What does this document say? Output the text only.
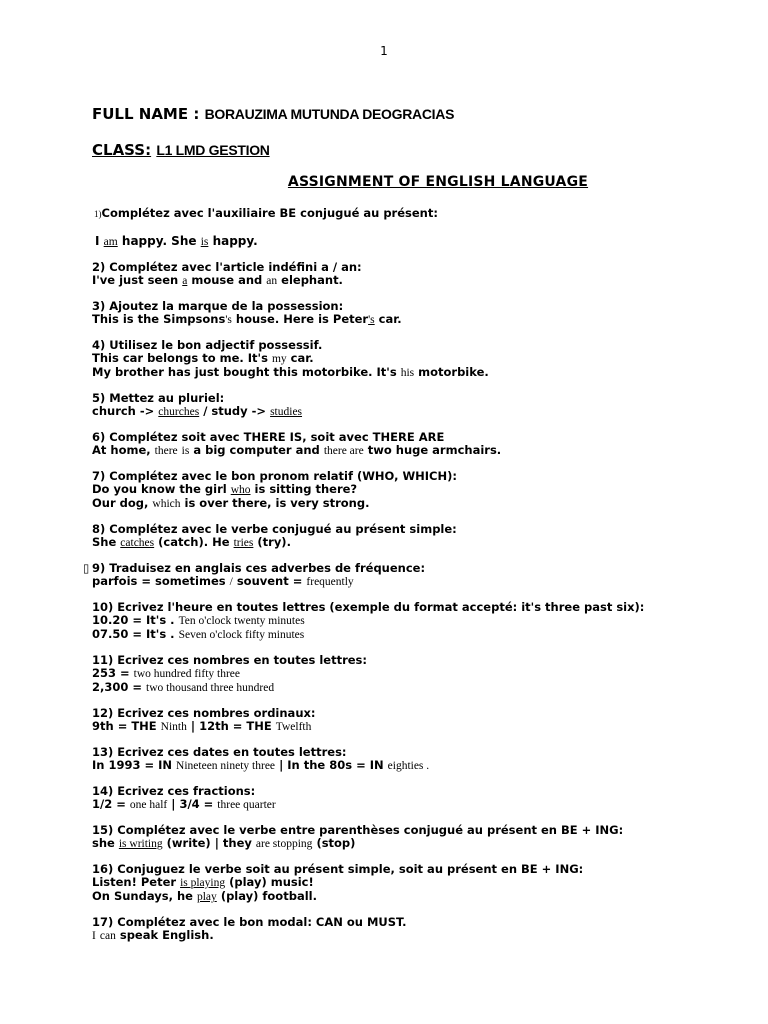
1
FULL NAME : BORAUZIMA MUTUNDA DEOGRACIAS
CLASS: L1 LMD GESTION
ASSIGNMENT OF ENGLISH LANGUAGE
1)Complétez avec l'auxiliaire BE conjugué au présent:
I am happy. She is happy.
2) Complétez avec l'article indéfini a / an:
I've just seen a mouse and an elephant.
3) Ajoutez la marque de la possession:
This is the Simpsons's house. Here is Peter's car.
4) Utilisez le bon adjectif possessif.
This car belongs to me. It's my car.
My brother has just bought this motorbike. It's his motorbike.
5) Mettez au pluriel:
church -> churches / study -> studies
6) Complétez soit avec THERE IS, soit avec THERE ARE
At home, there is a big computer and there are two huge armchairs.
7) Complétez avec le bon pronom relatif (WHO, WHICH):
Do you know the girl who is sitting there?
Our dog, which is over there, is very strong.
8) Complétez avec le verbe conjugué au présent simple:
She catches (catch). He tries (try).
▯ 9) Traduisez en anglais ces adverbes de fréquence:
parfois = sometimes / souvent = frequently
10) Ecrivez l'heure en toutes lettres (exemple du format accepté: it's three past six):
10.20 = It's . Ten o'clock twenty minutes
07.50 = It's . Seven o'clock fifty minutes
11) Ecrivez ces nombres en toutes lettres:
253 = two hundred fifty three
2,300 = two thousand three hundred
12) Ecrivez ces nombres ordinaux:
9th = THE Ninth | 12th = THE Twelfth
13) Ecrivez ces dates en toutes lettres:
In 1993 = IN Nineteen ninety three | In the 80s = IN eighties .
14) Ecrivez ces fractions:
1/2 = one half | 3/4 = three quarter
15) Complétez avec le verbe entre parenthèses conjugué au présent en BE + ING:
she is writing (write) | they are stopping (stop)
16) Conjuguez le verbe soit au présent simple, soit au présent en BE + ING:
Listen! Peter is playing (play) music!
On Sundays, he play (play) football.
17) Complétez avec le bon modal: CAN ou MUST.
I can speak English.
